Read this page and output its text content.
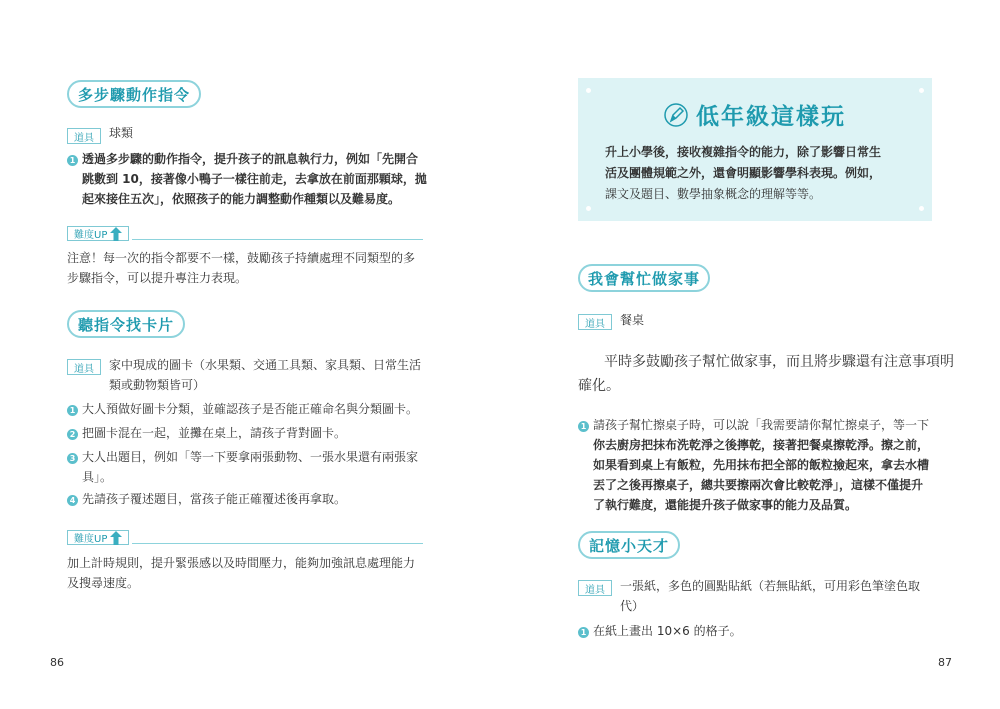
多步驟動作指令
道具	球類
1 透過多步驟的動作指令，提升孩子的訊息執行力，例如「先開合
跳數到 10，接著像小鴨子一樣往前走，去拿放在前面那顆球，拋
起來接住五次」，依照孩子的能力調整動作種類以及難易度。
難度UP
注意！每一次的指令都要不一樣，鼓勵孩子持續處理不同類型的多
步驟指令，可以提升專注力表現。
聽指令找卡片
道具	家中現成的圖卡（水果類、交通工具類、家具類、日常生活
類或動物類皆可）
1 大人預做好圖卡分類，並確認孩子是否能正確命名與分類圖卡。
2 把圖卡混在一起，並攤在桌上，請孩子背對圖卡。
3 大人出題目，例如「等一下要拿兩張動物、一張水果還有兩張家
具」。
4 先請孩子覆述題目，當孩子能正確覆述後再拿取。
難度UP
加上計時規則，提升緊張感以及時間壓力，能夠加強訊息處理能力
及搜尋速度。
86
低年級這樣玩
升上小學後，接收複雜指令的能力，除了影響日常生
活及團體規範之外，還會明顯影響學科表現。例如，
課文及題目、數學抽象概念的理解等等。
我會幫忙做家事
道具	餐桌
平時多鼓勵孩子幫忙做家事，而且將步驟還有注意事項明
確化。
1 請孩子幫忙擦桌子時，可以說「我需要請你幫忙擦桌子，等一下
你去廚房把抹布洗乾淨之後擰乾，接著把餐桌擦乾淨。擦之前，
如果看到桌上有飯粒，先用抹布把全部的飯粒撿起來，拿去水槽
丟了之後再擦桌子，總共要擦兩次會比較乾淨」，這樣不僅提升
了執行難度，還能提升孩子做家事的能力及品質。
記憶小天才
道具	一張紙，多色的圓點貼紙（若無貼紙，可用彩色筆塗色取
代）
1 在紙上畫出 10×6 的格子。
87
